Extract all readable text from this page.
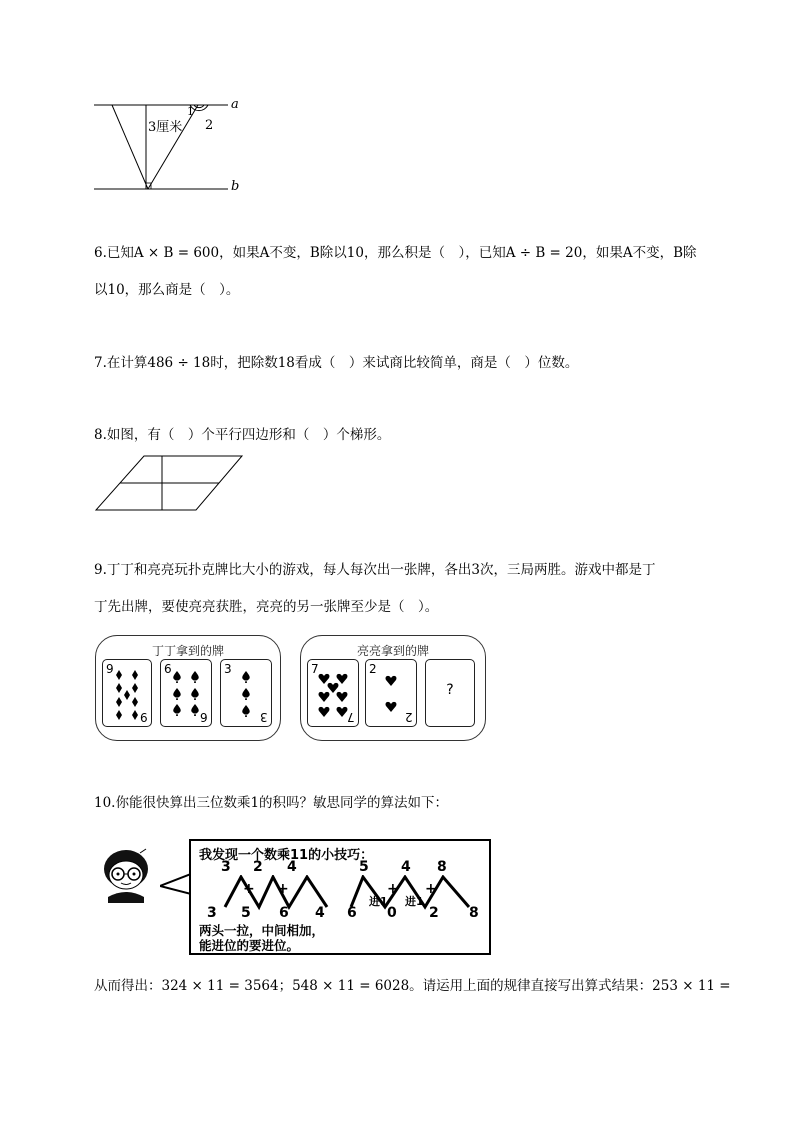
a
b
3厘米
1
2
6.已知A × B = 600，如果A不变，B除以10，那么积是（　），已知A ÷ B = 20，如果A不变，B除
以10，那么商是（　）。
7.在计算486 ÷ 18时，把除数18看成（　）来试商比较简单，商是（　）位数。
8.如图，有（　）个平行四边形和（　）个梯形。
9.丁丁和亮亮玩扑克牌比大小的游戏，每人每次出一张牌，各出3次，三局两胜。游戏中都是丁
丁先出牌，要使亮亮获胜，亮亮的另一张牌至少是（　）。
丁丁拿到的牌
9
9
6
6
3
3
亮亮拿到的牌
7
7
2
2
?
10.你能很快算出三位数乘1的积吗？敏思同学的算法如下：
我发现一个数乘11的小技巧：
3 2 4
+ +
3 5 6 4
5 4 8
+ +
进1 进1
6 0 2 8
两头一拉，中间相加，
能进位的要进位。
从而得出：324 × 11 = 3564；548 × 11 = 6028。请运用上面的规律直接写出算式结果：253 × 11 =
